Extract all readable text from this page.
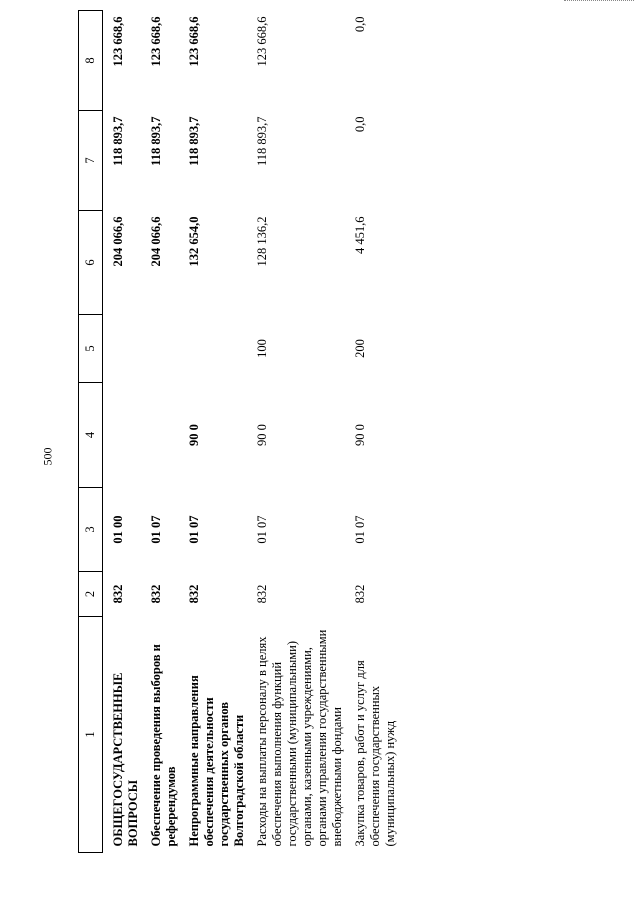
500
1	2	3	4	5	6	7	8
ОБЩЕГОСУДАРСТВЕННЫЕ ВОПРОСЫ	832	01 00			204 066,6	118 893,7	123 668,6
Обеспечение проведения выборов и референдумов	832	01 07			204 066,6	118 893,7	123 668,6
Непрограммные направления обеспечения деятельности государственных органов Волгоградской области	832	01 07	90 0		132 654,0	118 893,7	123 668,6
Расходы на выплаты персоналу в целях обеспечения выполнения функций государственными (муниципальными) органами, казенными учреждениями, органами управления государственными внебюджетными фондами	832	01 07	90 0	100	128 136,2	118 893,7	123 668,6
Закупка товаров, работ и услуг для обеспечения государственных (муниципальных) нужд	832	01 07	90 0	200	4 451,6	0,0	0,0
